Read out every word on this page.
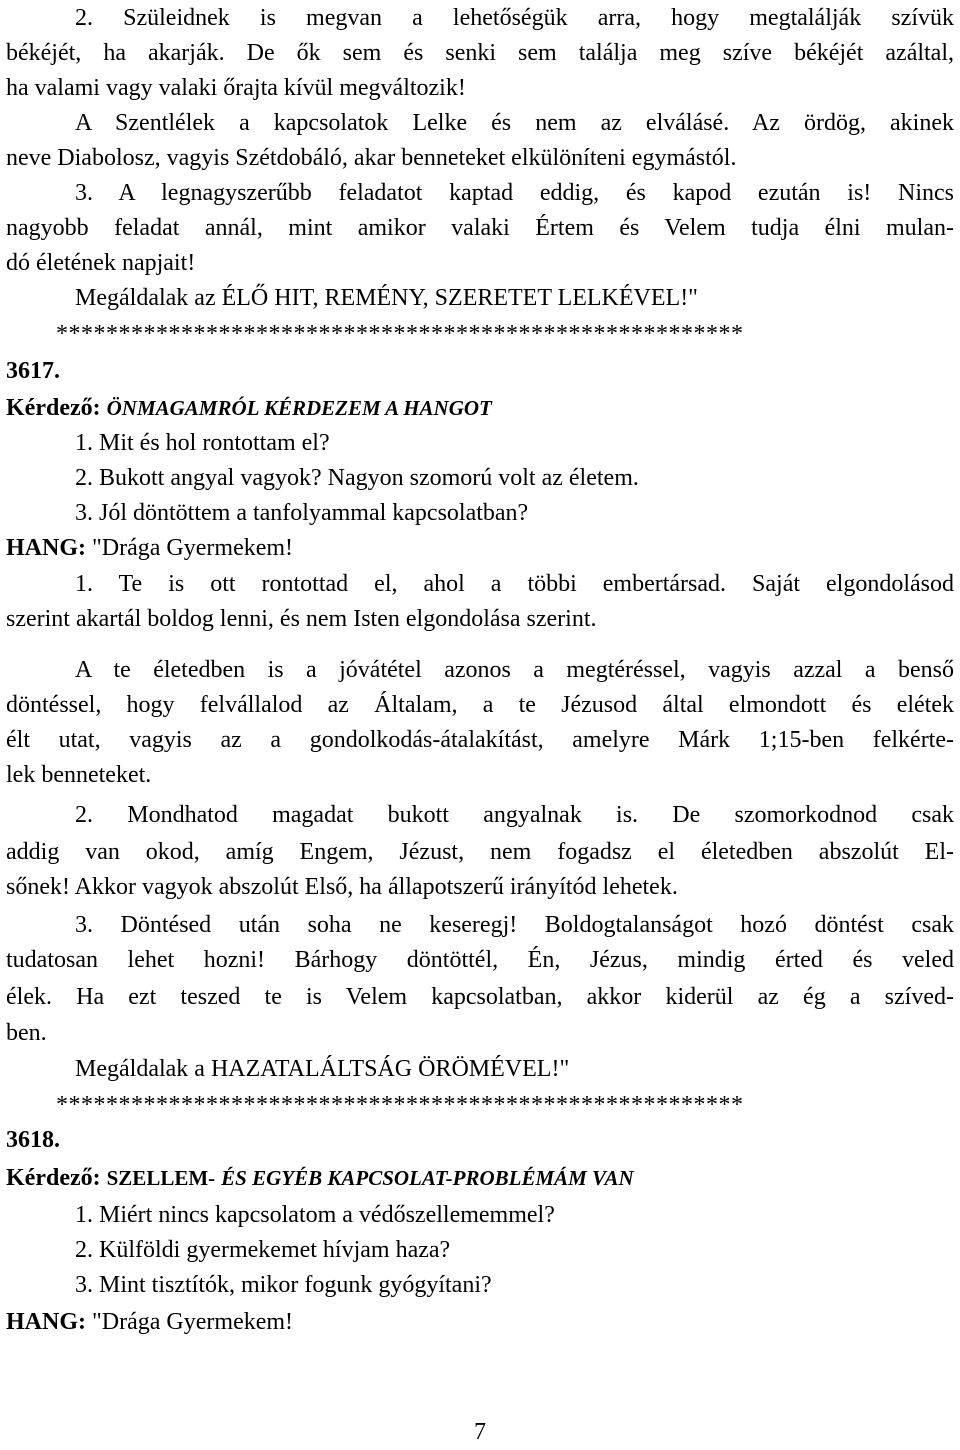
2. Szüleidnek is megvan a lehetőségük arra, hogy megtalálják szívük
békéjét, ha akarják. De ők sem és senki sem találja meg szíve békéjét azáltal,
ha valami vagy valaki őrajta kívül megváltozik!
A Szentlélek a kapcsolatok Lelke és nem az elválásé. Az ördög, akinek
neve Diabolosz, vagyis Szétdobáló, akar benneteket elkülöníteni egymástól.
3. A legnagyszerűbb feladatot kaptad eddig, és kapod ezután is! Nincs
nagyobb feladat annál, mint amikor valaki Értem és Velem tudja élni mulan-
dó életének napjait!
Megáldalak az ÉLŐ HIT, REMÉNY, SZERETET LELKÉVEL!"
*******************************************************
3617.
Kérdező: ÖNMAGAMRÓL KÉRDEZEM A HANGOT
1. Mit és hol rontottam el?
2. Bukott angyal vagyok? Nagyon szomorú volt az életem.
3. Jól döntöttem a tanfolyammal kapcsolatban?
HANG: "Drága Gyermekem!
1. Te is ott rontottad el, ahol a többi embertársad. Saját elgondolásod
szerint akartál boldog lenni, és nem Isten elgondolása szerint.
A te életedben is a jóvátétel azonos a megtéréssel, vagyis azzal a benső
döntéssel, hogy felvállalod az Általam, a te Jézusod által elmondott és elétek
élt utat, vagyis az a gondolkodás-átalakítást, amelyre Márk 1;15-ben felkérte-
lek benneteket.
2. Mondhatod magadat bukott angyalnak is. De szomorkodnod csak
addig van okod, amíg Engem, Jézust, nem fogadsz el életedben abszolút El-
sőnek! Akkor vagyok abszolút Első, ha állapotszerű irányítód lehetek.
3. Döntésed után soha ne keseregj! Boldogtalanságot hozó döntést csak
tudatosan lehet hozni! Bárhogy döntöttél, Én, Jézus, mindig érted és veled
élek. Ha ezt teszed te is Velem kapcsolatban, akkor kiderül az ég a szíved-
ben.
Megáldalak a HAZATALÁLTSÁG ÖRÖMÉVEL!"
*******************************************************
3618.
Kérdező: SZELLEM- ÉS EGYÉB KAPCSOLAT-PROBLÉMÁM VAN
1. Miért nincs kapcsolatom a védőszellememmel?
2. Külföldi gyermekemet hívjam haza?
3. Mint tisztítók, mikor fogunk gyógyítani?
HANG: "Drága Gyermekem!
7
